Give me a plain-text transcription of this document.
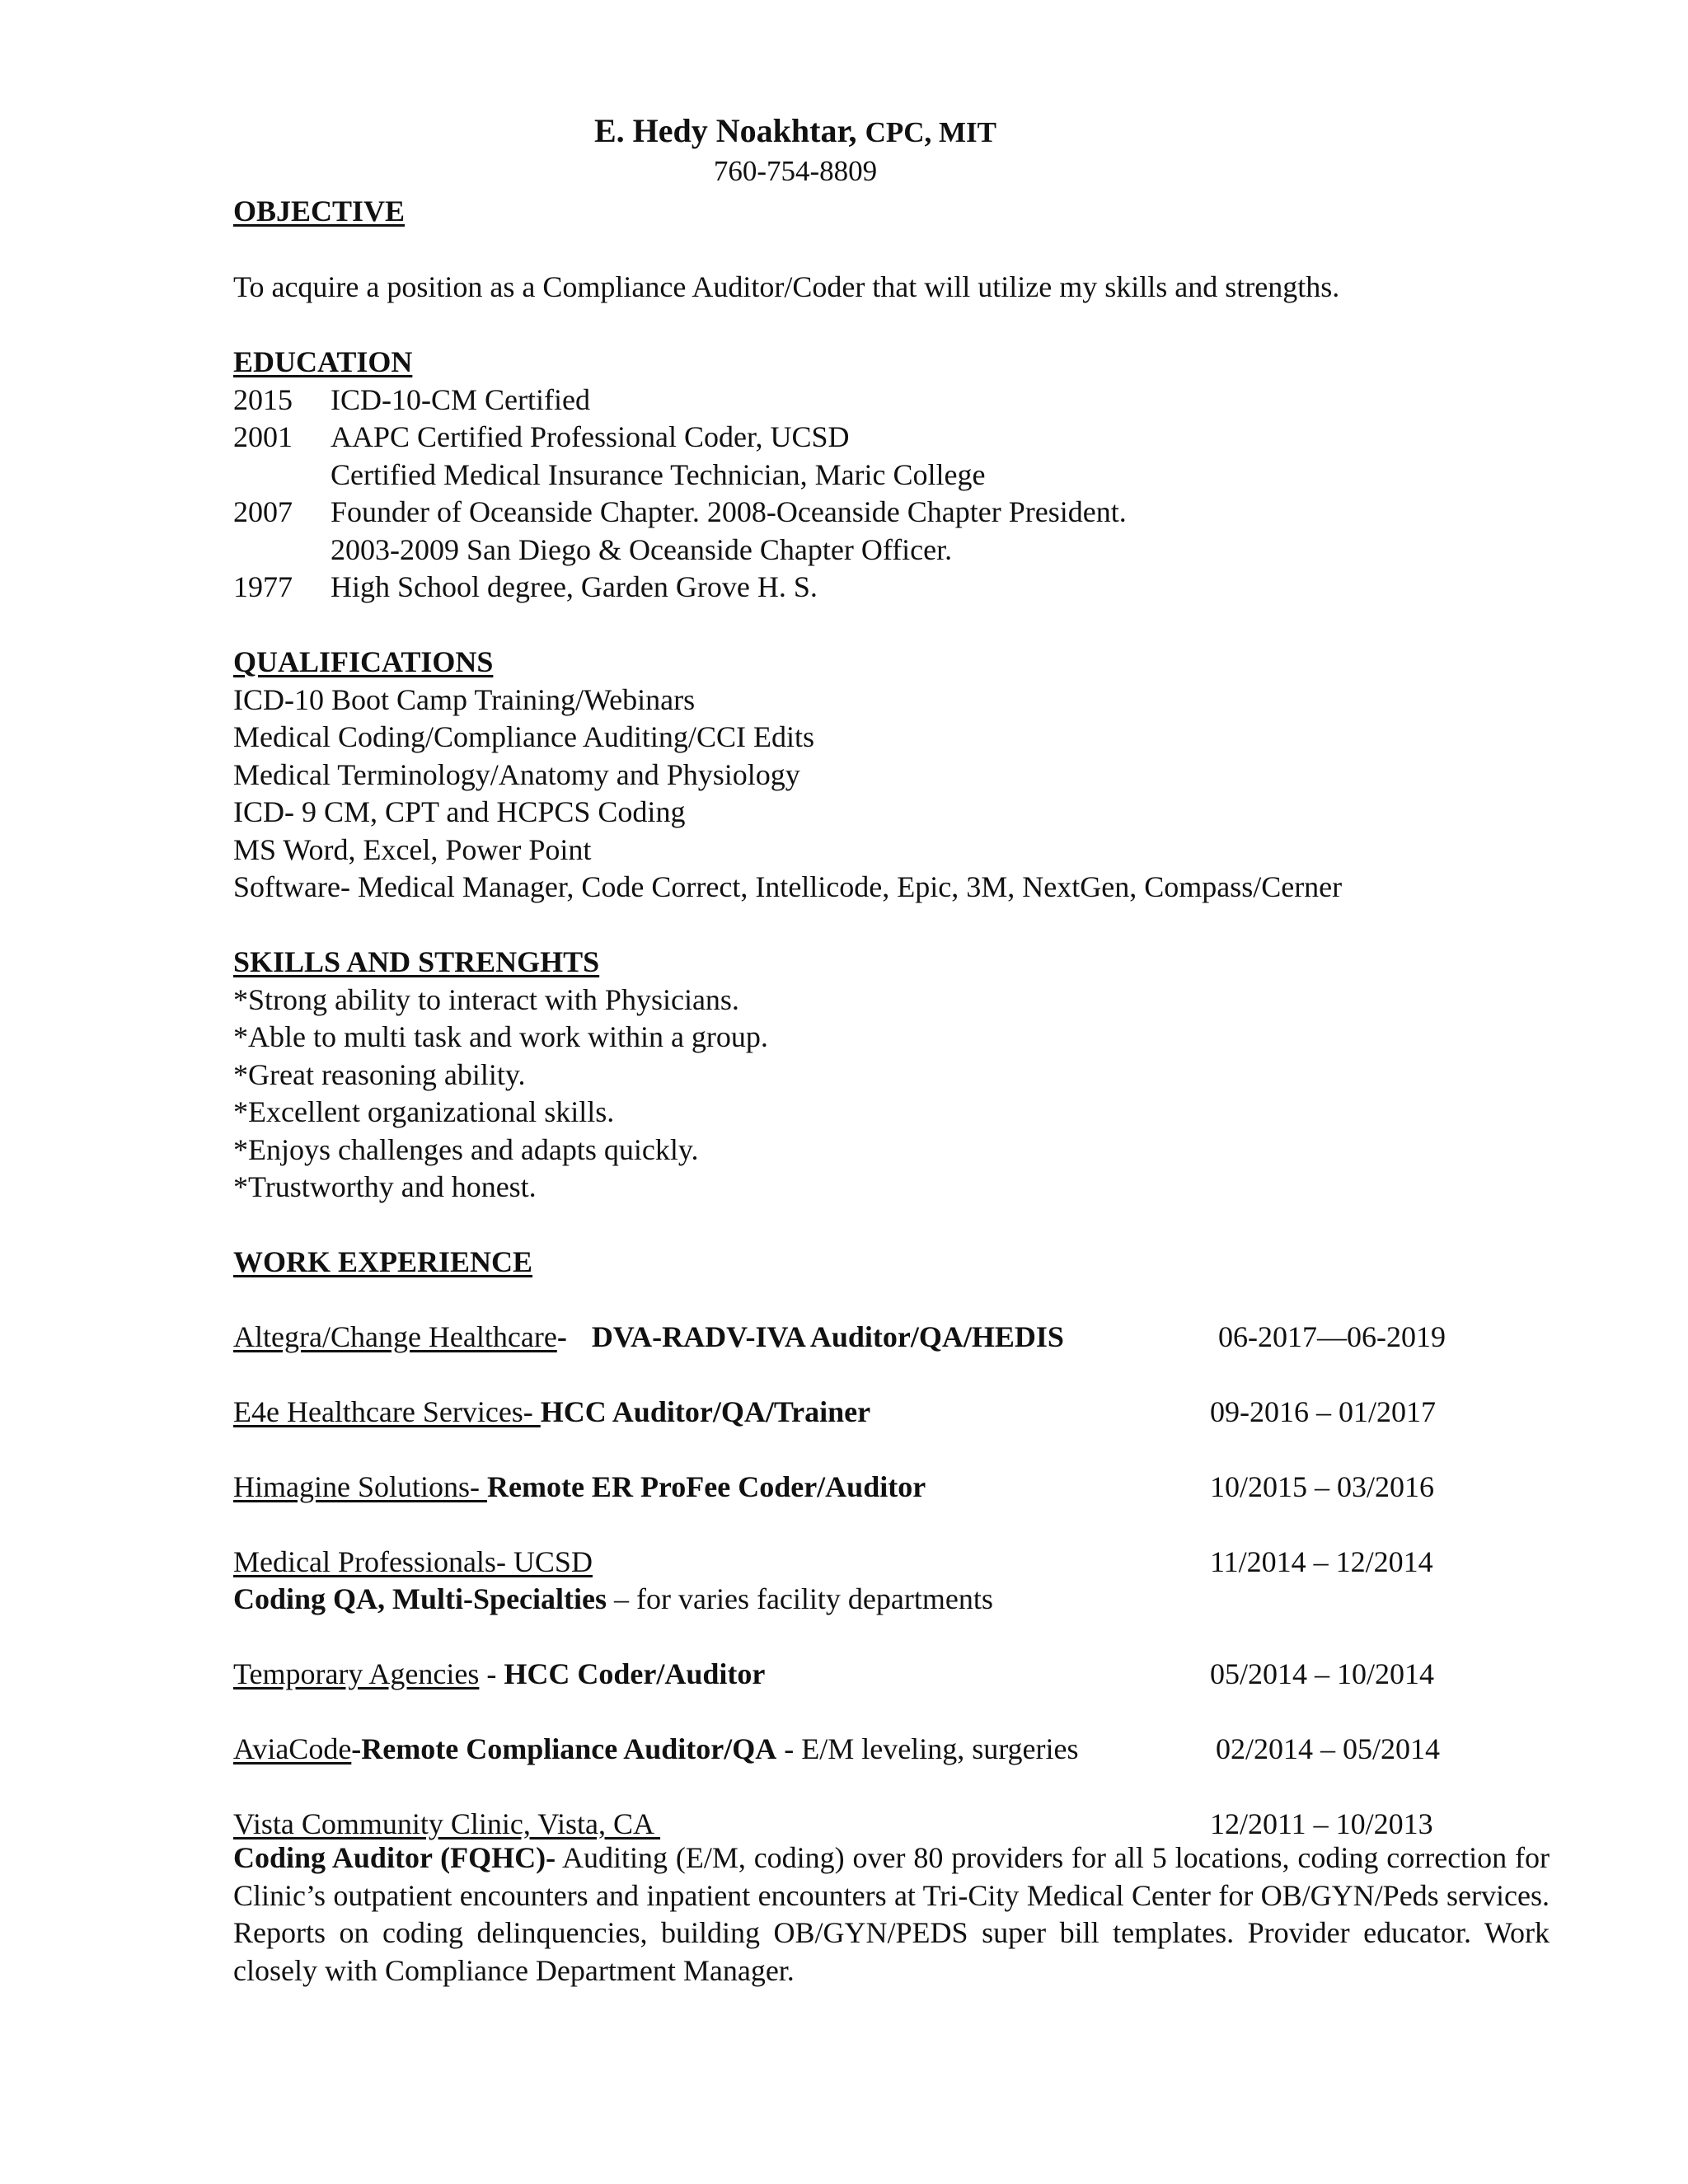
E. Hedy Noakhtar, CPC, MIT
760-754-8809
OBJECTIVE
To acquire a position as a Compliance Auditor/Coder that will utilize my skills and strengths.
EDUCATION
2015 ICD-10-CM Certified
2001 AAPC Certified Professional Coder, UCSD
Certified Medical Insurance Technician, Maric College
2007 Founder of Oceanside Chapter. 2008-Oceanside Chapter President.
2003-2009 San Diego & Oceanside Chapter Officer.
1977 High School degree, Garden Grove H. S.
QUALIFICATIONS
ICD-10 Boot Camp Training/Webinars
Medical Coding/Compliance Auditing/CCI Edits
Medical Terminology/Anatomy and Physiology
ICD- 9 CM, CPT and HCPCS Coding
MS Word, Excel, Power Point
Software- Medical Manager, Code Correct, Intellicode, Epic, 3M, NextGen, Compass/Cerner
SKILLS AND STRENGHTS
*Strong ability to interact with Physicians.
*Able to multi task and work within a group.
*Great reasoning ability.
*Excellent organizational skills.
*Enjoys challenges and adapts quickly.
*Trustworthy and honest.
WORK EXPERIENCE
Altegra/Change Healthcare- DVA-RADV-IVA Auditor/QA/HEDIS	06-2017—06-2019
E4e Healthcare Services- HCC Auditor/QA/Trainer	09-2016 – 01/2017
Himagine Solutions- Remote ER ProFee Coder/Auditor	10/2015 – 03/2016
Medical Professionals- UCSD	11/2014 – 12/2014
Coding QA, Multi-Specialties – for varies facility departments
Temporary Agencies - HCC Coder/Auditor	05/2014 – 10/2014
AviaCode-Remote Compliance Auditor/QA - E/M leveling, surgeries	02/2014 – 05/2014
Vista Community Clinic, Vista, CA	12/2011 – 10/2013
Coding Auditor (FQHC)- Auditing (E/M, coding) over 80 providers for all 5 locations, coding correction for Clinic’s outpatient encounters and inpatient encounters at Tri-City Medical Center for OB/GYN/Peds services. Reports on coding delinquencies, building OB/GYN/PEDS super bill templates. Provider educator. Work closely with Compliance Department Manager.
